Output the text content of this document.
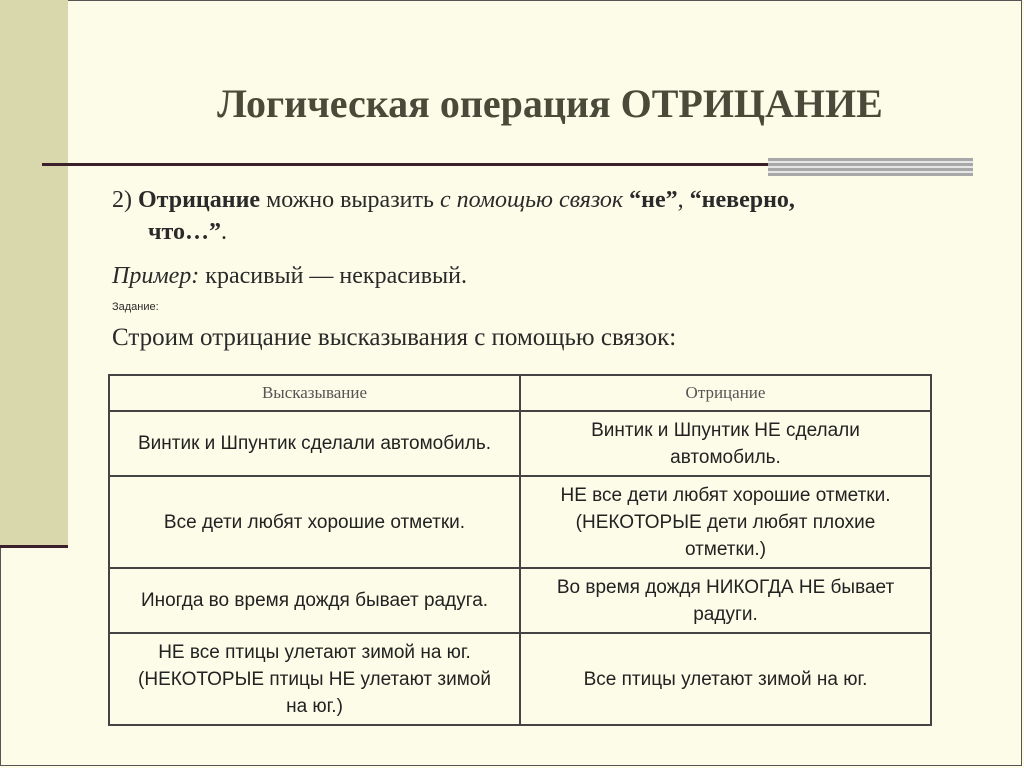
Логическая операция ОТРИЦАНИЕ

2) Отрицание можно выразить с помощью связок “не”, “неверно,

что…”.

Пример: красивый — некрасивый.

Задание:

Строим отрицание высказывания с помощью связок:

Высказывание	Отрицание
Винтик и Шпунтик сделали автомобиль.	Винтик и Шпунтик НЕ сделали автомобиль.
Все дети любят хорошие отметки.	НЕ все дети любят хорошие отметки. (НЕКОТОРЫЕ дети любят плохие отметки.)
Иногда во время дождя бывает радуга.	Во время дождя НИКОГДА НЕ бывает радуги.
НЕ все птицы улетают зимой на юг. (НЕКОТОРЫЕ птицы НЕ улетают зимой на юг.)	Все птицы улетают зимой на юг.
